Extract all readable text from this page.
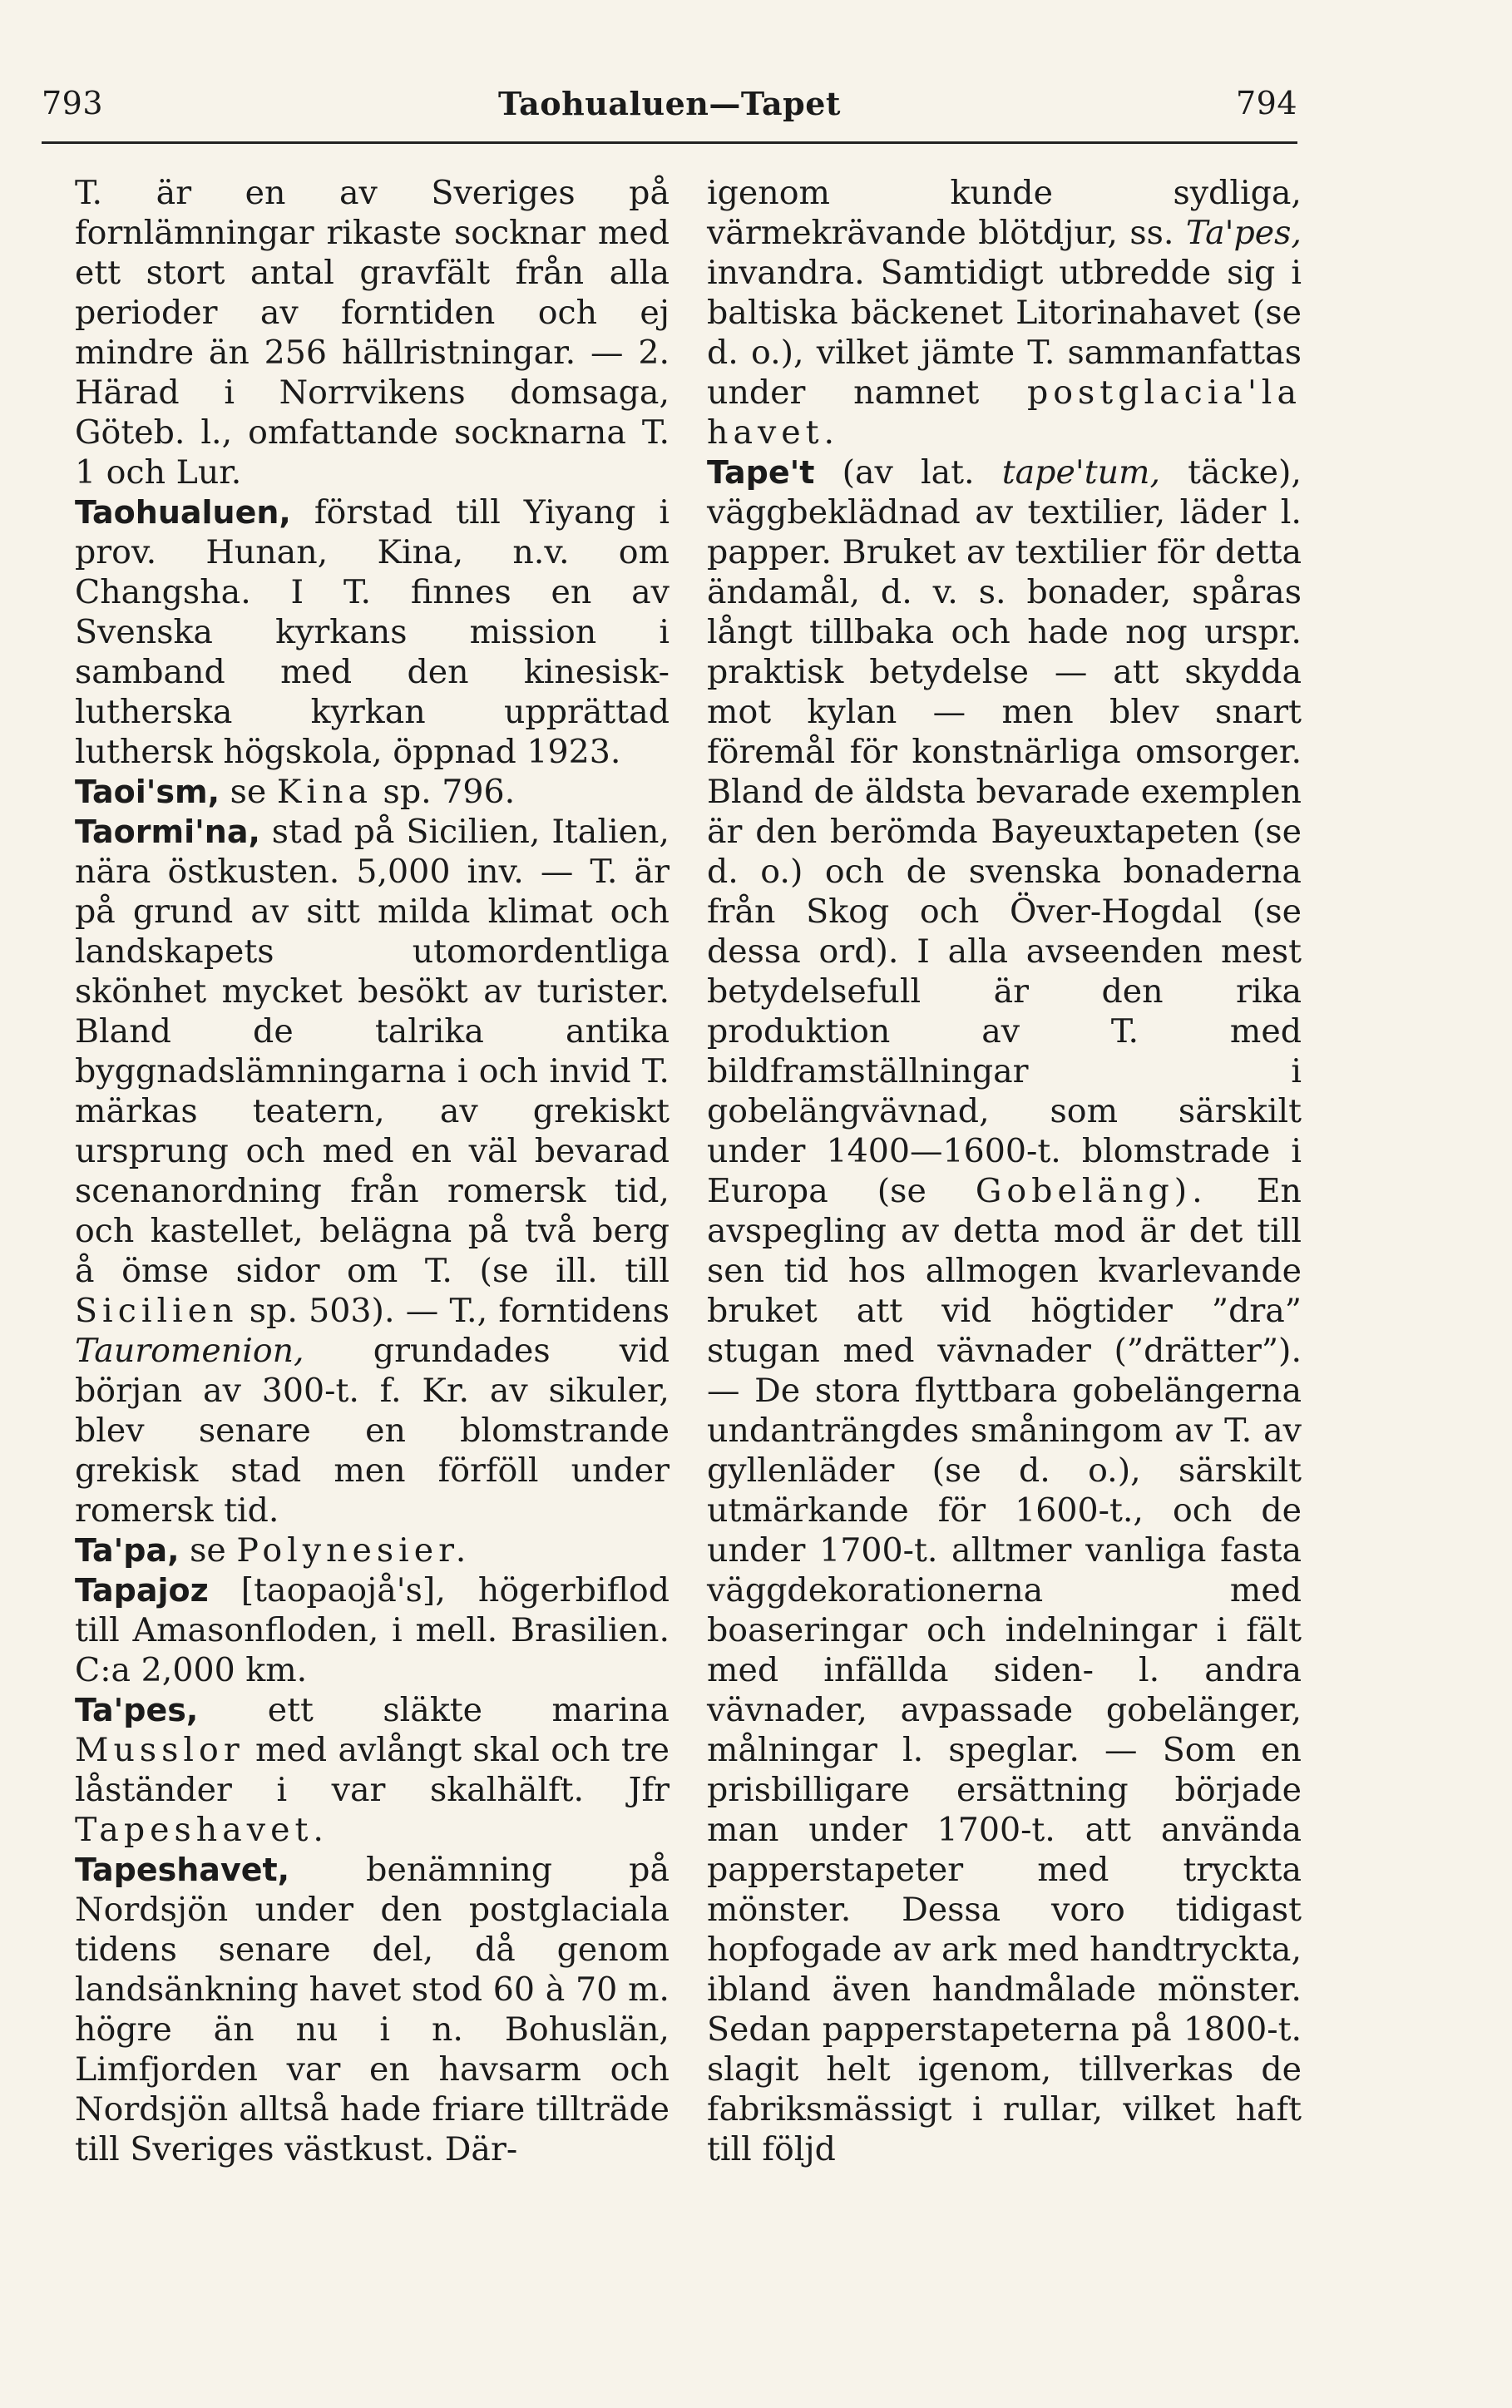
793	Taohualuen—Tapet	794

T. är en av Sveriges på fornlämningar rikaste socknar med ett stort antal gravfält från alla perioder av forntiden och ej mindre än 256 hällristningar. — 2. Härad i Norrvikens domsaga, Göteb. l., omfattande socknarna T. 1 och Lur.

Taohualuen, förstad till Yiyang i prov. Hunan, Kina, n.v. om Changsha. I T. finnes en av Svenska kyrkans mission i samband med den kinesisk-lutherska kyrkan upprättad luthersk högskola, öppnad 1923.

Taoi'sm, se Kina sp. 796.

Taormi'na, stad på Sicilien, Italien, nära östkusten. 5,000 inv. — T. är på grund av sitt milda klimat och landskapets utomordentliga skönhet mycket besökt av turister. Bland de talrika antika byggnadslämningarna i och invid T. märkas teatern, av grekiskt ursprung och med en väl bevarad scenanordning från romersk tid, och kastellet, belägna på två berg å ömse sidor om T. (se ill. till Sicilien sp. 503). — T., forntidens Tauromenion, grundades vid början av 300-t. f. Kr. av sikuler, blev senare en blomstrande grekisk stad men förföll under romersk tid.

Ta'pa, se Polynesier.

Tapajoz [taopaojå's], högerbiflod till Amasonfloden, i mell. Brasilien. C:a 2,000 km.

Ta'pes, ett släkte marina Musslor med avlångt skal och tre låständer i var skalhälft. Jfr Tapeshavet.

Tapeshavet, benämning på Nordsjön under den postglaciala tidens senare del, då genom landsänkning havet stod 60 à 70 m. högre än nu i n. Bohuslän, Limfjorden var en havsarm och Nordsjön alltså hade friare tillträde till Sveriges västkust. Där-

igenom kunde sydliga, värmekrävande blötdjur, ss. Ta'pes, invandra. Samtidigt utbredde sig i baltiska bäckenet Litorinahavet (se d. o.), vilket jämte T. sammanfattas under namnet postglacia'la havet.

Tape't (av lat. tape'tum, täcke), väggbeklädnad av textilier, läder l. papper. Bruket av textilier för detta ändamål, d. v. s. bonader, spåras långt tillbaka och hade nog urspr. praktisk betydelse — att skydda mot kylan — men blev snart föremål för konstnärliga omsorger. Bland de äldsta bevarade exemplen är den berömda Bayeuxtapeten (se d. o.) och de svenska bonaderna från Skog och Över-Hogdal (se dessa ord). I alla avseenden mest betydelsefull är den rika produktion av T. med bildframställningar i gobelängvävnad, som särskilt under 1400—1600-t. blomstrade i Europa (se Gobeläng). En avspegling av detta mod är det till sen tid hos allmogen kvarlevande bruket att vid högtider ”dra” stugan med vävnader (”drätter”). — De stora flyttbara gobelängerna undanträngdes småningom av T. av gyllenläder (se d. o.), särskilt utmärkande för 1600-t., och de under 1700-t. alltmer vanliga fasta väggdekorationerna med boaseringar och indelningar i fält med infällda siden- l. andra vävnader, avpassade gobelänger, målningar l. speglar. — Som en prisbilligare ersättning började man under 1700-t. att använda papperstapeter med tryckta mönster. Dessa voro tidigast hopfogade av ark med handtryckta, ibland även handmålade mönster. Sedan papperstapeterna på 1800-t. slagit helt igenom, tillverkas de fabriksmässigt i rullar, vilket haft till följd
